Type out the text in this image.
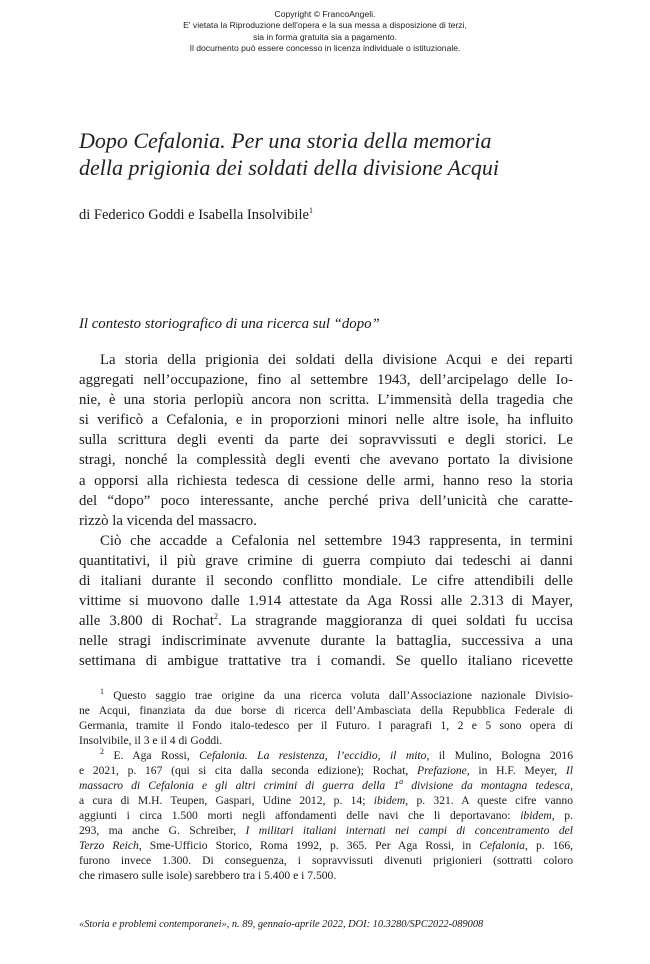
Copyright © FrancoAngeli.
E' vietata la Riproduzione dell'opera e la sua messa a disposizione di terzi,
sia in forma gratuita sia a pagamento.
Il documento può essere concesso in licenza individuale o istituzionale.
Dopo Cefalonia. Per una storia della memoria
della prigionia dei soldati della divisione Acqui
di Federico Goddi e Isabella Insolvibile$^1$
Il contesto storiografico di una ricerca sul “dopo”
La storia della prigionia dei soldati della divisione Acqui e dei reparti
aggregati nell’occupazione, fino al settembre 1943, dell’arcipelago delle Io-
nie, è una storia perlopiù ancora non scritta. L’immensità della tragedia che
si verificò a Cefalonia, e in proporzioni minori nelle altre isole, ha influito
sulla scrittura degli eventi da parte dei sopravvissuti e degli storici. Le
stragi, nonché la complessità degli eventi che avevano portato la divisione
a opporsi alla richiesta tedesca di cessione delle armi, hanno reso la storia
del “dopo” poco interessante, anche perché priva dell’unicità che caratte-
rizzò la vicenda del massacro.
Ciò che accadde a Cefalonia nel settembre 1943 rappresenta, in termini
quantitativi, il più grave crimine di guerra compiuto dai tedeschi ai danni
di italiani durante il secondo conflitto mondiale. Le cifre attendibili delle
vittime si muovono dalle 1.914 attestate da Aga Rossi alle 2.313 di Mayer,
alle 3.800 di Rochat$^2$. La stragrande maggioranza di quei soldati fu uccisa
nelle stragi indiscriminate avvenute durante la battaglia, successiva a una
settimana di ambigue trattative tra i comandi. Se quello italiano ricevette
$^1$ Questo saggio trae origine da una ricerca voluta dall’Associazione nazionale Divisio-
ne Acqui, finanziata da due borse di ricerca dell’Ambasciata della Repubblica Federale di
Germania, tramite il Fondo italo-tedesco per il Futuro. I paragrafi 1, 2 e 5 sono opera di
Insolvibile, il 3 e il 4 di Goddi.
$^2$ E. Aga Rossi, Cefalonia. La resistenza, l’eccidio, il mito, il Mulino, Bologna 2016
e 2021, p. 167 (qui si cita dalla seconda edizione); Rochat, Prefazione, in H.F. Meyer, Il
massacro di Cefalonia e gli altri crimini di guerra della 1$^a$ divisione da montagna tedesca,
a cura di M.H. Teupen, Gaspari, Udine 2012, p. 14; ibidem, p. 321. A queste cifre vanno
aggiunti i circa 1.500 morti negli affondamenti delle navi che li deportavano: ibidem, p.
293, ma anche G. Schreiber, I militari italiani internati nei campi di concentramento del
Terzo Reich, Sme-Ufficio Storico, Roma 1992, p. 365. Per Aga Rossi, in Cefalonia, p. 166,
furono invece 1.300. Di conseguenza, i sopravvissuti divenuti prigionieri (sottratti coloro
che rimasero sulle isole) sarebbero tra i 5.400 e i 7.500.
«Storia e problemi contemporanei», n. 89, gennaio-aprile 2022, DOI: 10.3280/SPC2022-089008
